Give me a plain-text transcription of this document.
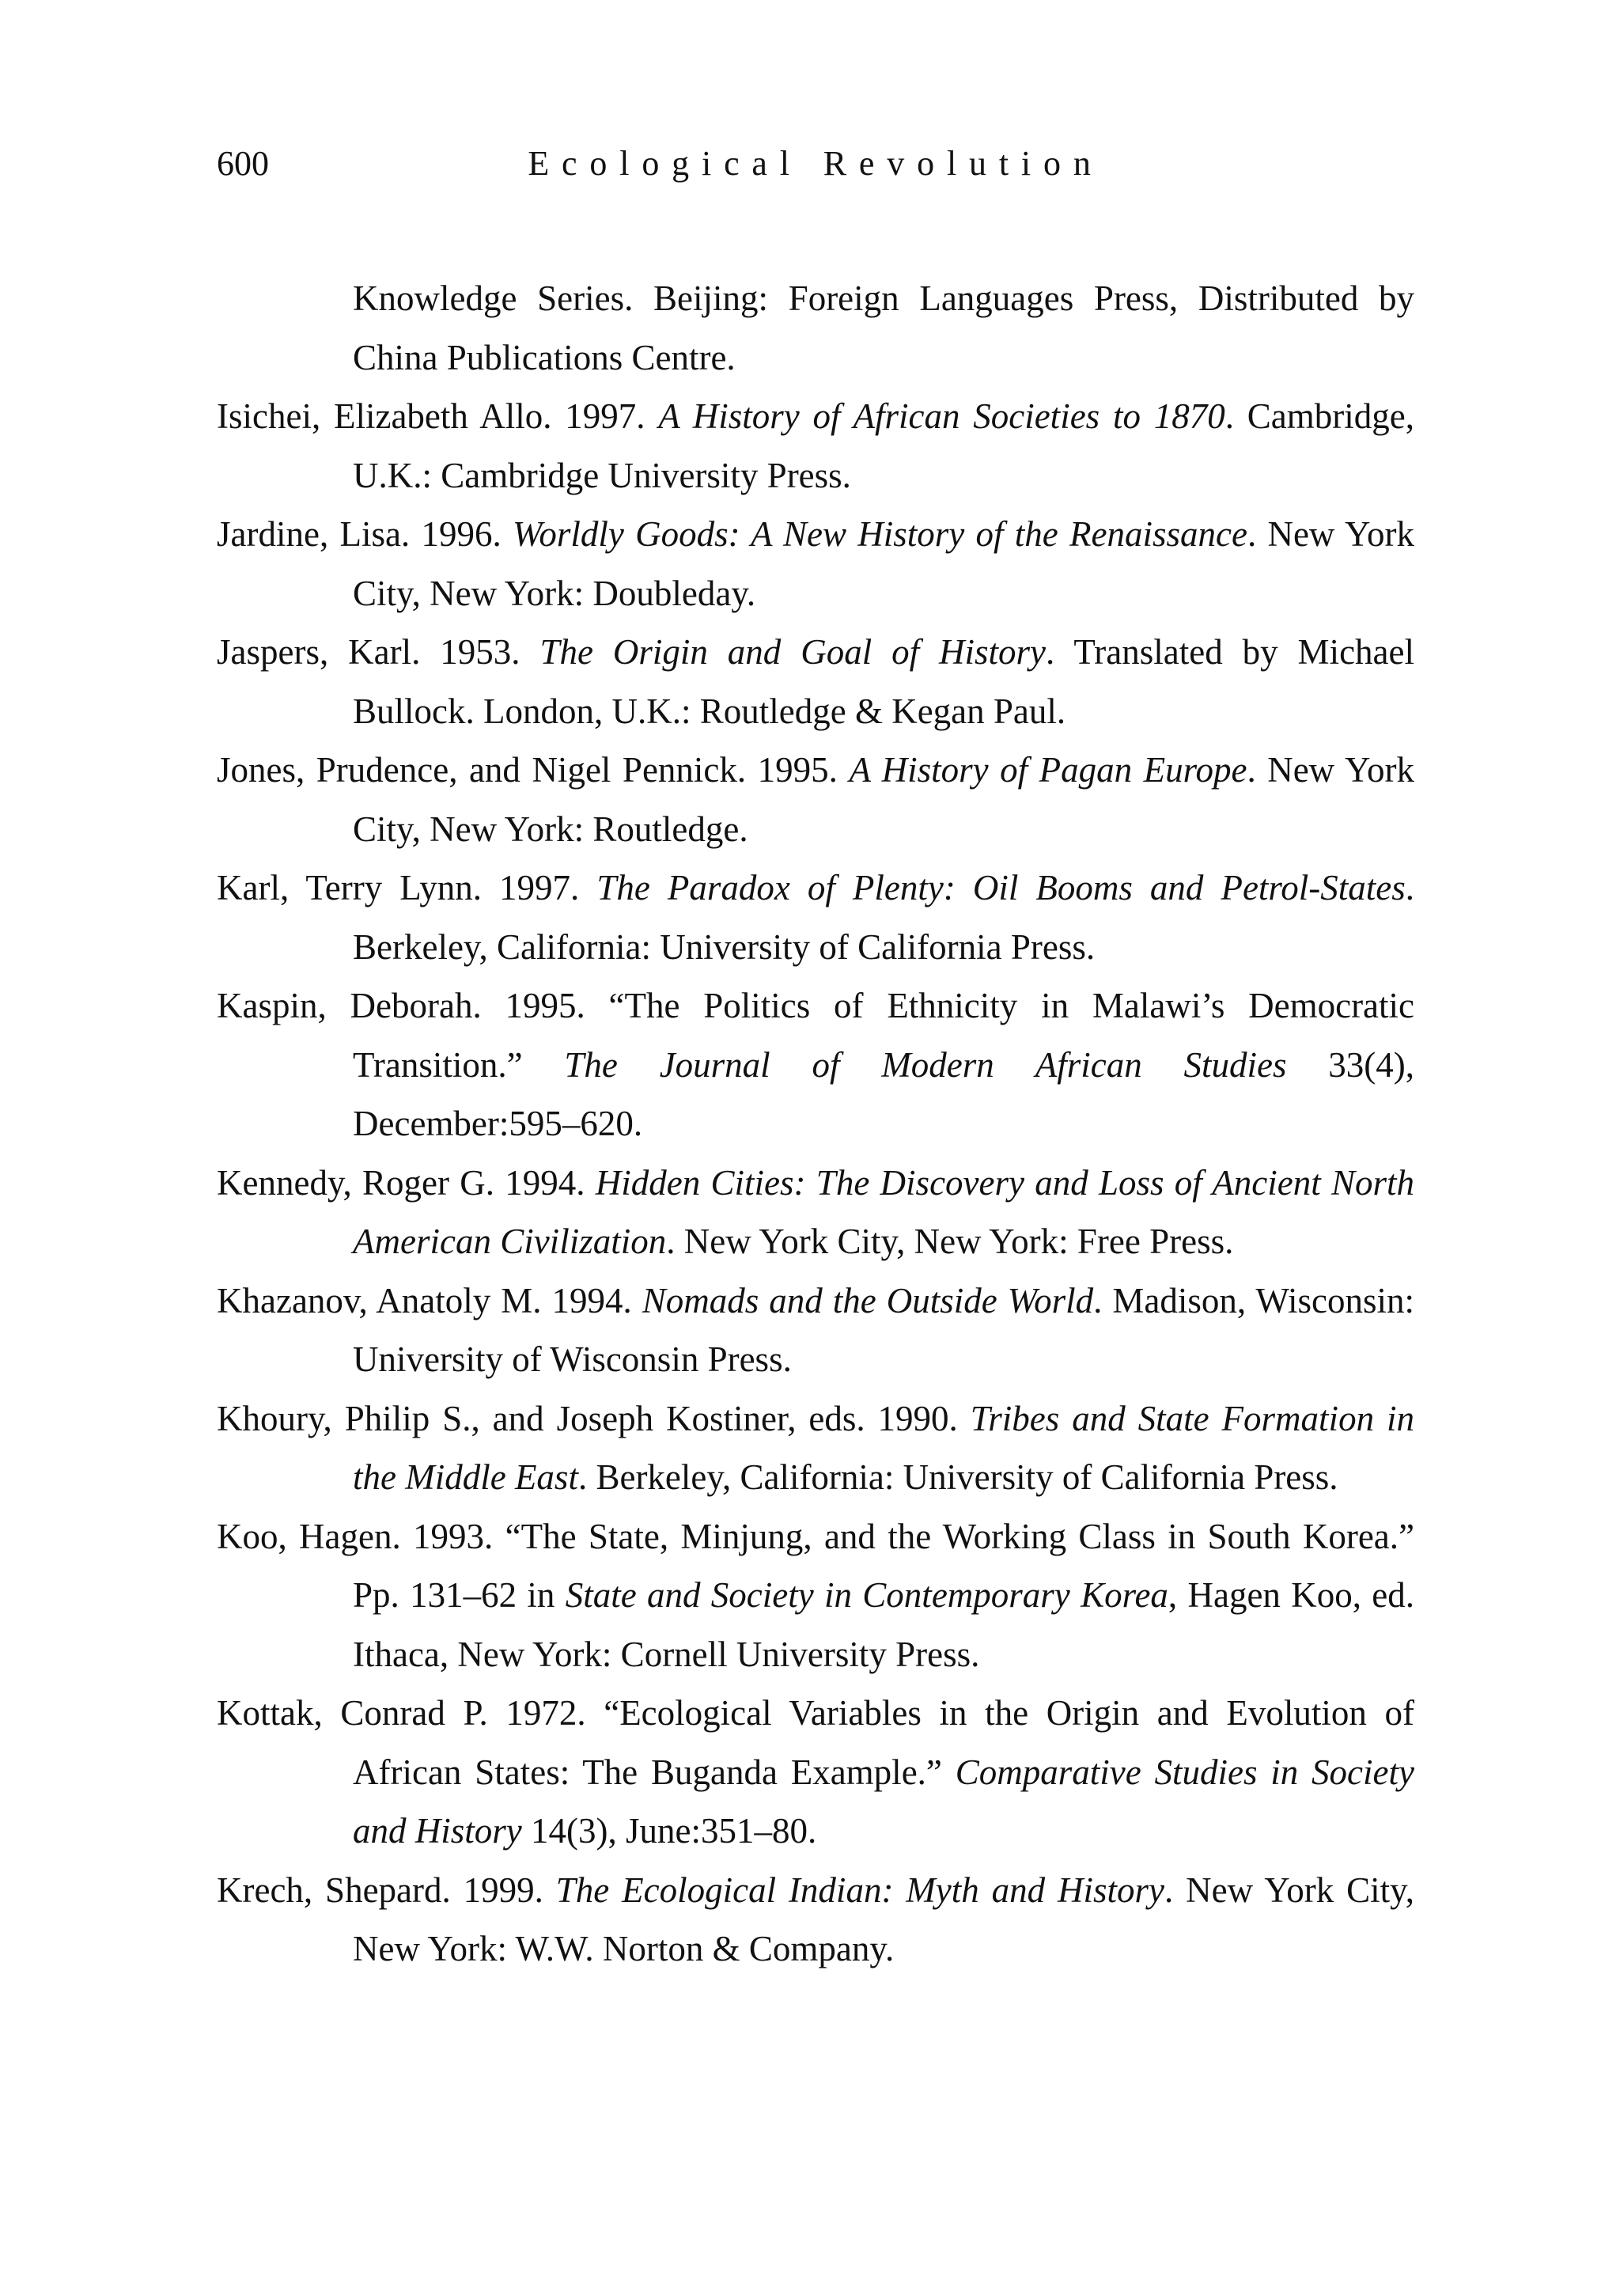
600	Ecological Revolution
Knowledge Series. Beijing: Foreign Languages Press, Distributed by China Publications Centre.
Isichei, Elizabeth Allo. 1997. A History of African Societies to 1870. Cambridge, U.K.: Cambridge University Press.
Jardine, Lisa. 1996. Worldly Goods: A New History of the Renaissance. New York City, New York: Doubleday.
Jaspers, Karl. 1953. The Origin and Goal of History. Translated by Michael Bullock. London, U.K.: Routledge & Kegan Paul.
Jones, Prudence, and Nigel Pennick. 1995. A History of Pagan Europe. New York City, New York: Routledge.
Karl, Terry Lynn. 1997. The Paradox of Plenty: Oil Booms and Petrol-States. Berkeley, California: University of California Press.
Kaspin, Deborah. 1995. “The Politics of Ethnicity in Malawi’s Democratic Transition.” The Journal of Modern African Studies 33(4), December:595–620.
Kennedy, Roger G. 1994. Hidden Cities: The Discovery and Loss of Ancient North American Civilization. New York City, New York: Free Press.
Khazanov, Anatoly M. 1994. Nomads and the Outside World. Madison, Wisconsin: University of Wisconsin Press.
Khoury, Philip S., and Joseph Kostiner, eds. 1990. Tribes and State Formation in the Middle East. Berkeley, California: University of California Press.
Koo, Hagen. 1993. “The State, Minjung, and the Working Class in South Korea.” Pp. 131–62 in State and Society in Contemporary Korea, Hagen Koo, ed. Ithaca, New York: Cornell University Press.
Kottak, Conrad P. 1972. “Ecological Variables in the Origin and Evolution of African States: The Buganda Example.” Comparative Studies in Society and History 14(3), June:351–80.
Krech, Shepard. 1999. The Ecological Indian: Myth and History. New York City, New York: W.W. Norton & Company.
